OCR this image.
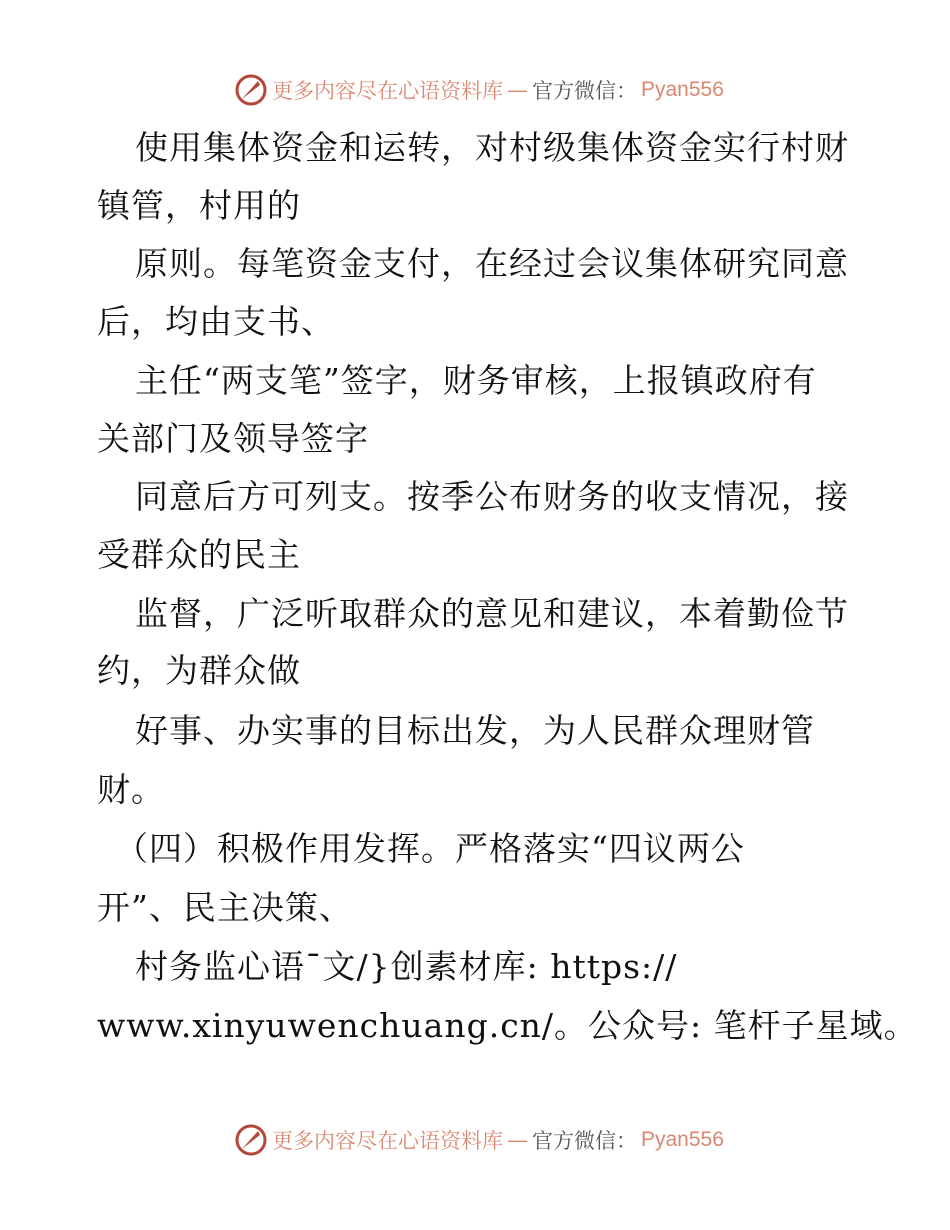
更多内容尽在心语资料库 — 官方微信： Pyan556
使用集体资金和运转，对村级集体资金实行村财
镇管，村用的
原则。每笔资金支付，在经过会议集体研究同意
后，均由支书、
主任“两支笔”签字，财务审核，上报镇政府有
关部门及领导签字
同意后方可列支。按季公布财务的收支情况，接
受群众的民主
监督，广泛听取群众的意见和建议，本着勤俭节
约，为群众做
好事、办实事的目标出发，为人民群众理财管
财。
（四）积极作用发挥。严格落实“四议两公
开”、民主决策、
村务监心语¯文/}创素材库: https://
www.xinyuwenchuang.cn/。公众号: 笔杆子星域。
更多内容尽在心语资料库 — 官方微信： Pyan556
